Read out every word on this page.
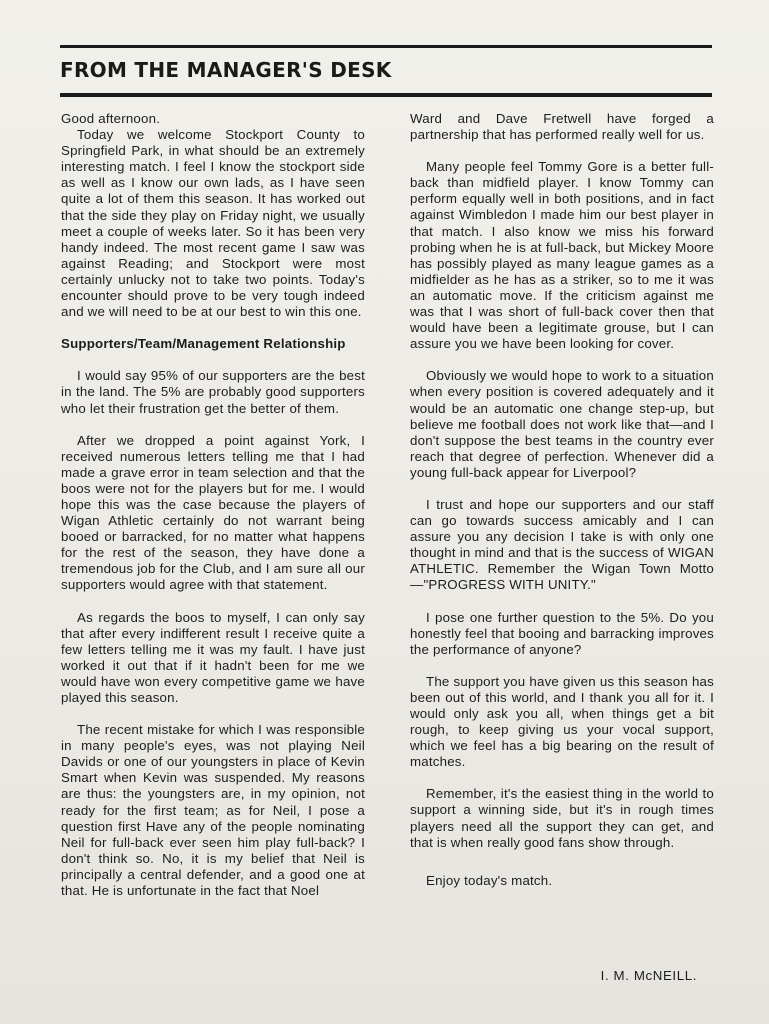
FROM THE MANAGER'S DESK

Good afternoon.

Today we welcome Stockport County to Springfield Park, in what should be an extremely interesting match. I feel I know the stockport side as well as I know our own lads, as I have seen quite a lot of them this season. It has worked out that the side they play on Friday night, we usually meet a couple of weeks later. So it has been very handy indeed. The most recent game I saw was against Reading; and Stockport were most certainly unlucky not to take two points. Today's encounter should prove to be very tough indeed and we will need to be at our best to win this one.

Supporters/Team/Management Relationship

I would say 95% of our supporters are the best in the land. The 5% are probably good supporters who let their frustration get the better of them.

After we dropped a point against York, I received numerous letters telling me that I had made a grave error in team selection and that the boos were not for the players but for me. I would hope this was the case because the players of Wigan Athletic certainly do not warrant being booed or barracked, for no matter what happens for the rest of the season, they have done a tremendous job for the Club, and I am sure all our supporters would agree with that statement.

As regards the boos to myself, I can only say that after every indifferent result I receive quite a few letters telling me it was my fault. I have just worked it out that if it hadn't been for me we would have won every competitive game we have played this season.

The recent mistake for which I was responsible in many people's eyes, was not playing Neil Davids or one of our youngsters in place of Kevin Smart when Kevin was suspended. My reasons are thus: the youngsters are, in my opinion, not ready for the first team; as for Neil, I pose a question first Have any of the people nominating Neil for full-back ever seen him play full-back? I don't think so. No, it is my belief that Neil is principally a central defender, and a good one at that. He is unfortunate in the fact that Noel

Ward and Dave Fretwell have forged a partnership that has performed really well for us.

Many people feel Tommy Gore is a better full-back than midfield player. I know Tommy can perform equally well in both positions, and in fact against Wimbledon I made him our best player in that match. I also know we miss his forward probing when he is at full-back, but Mickey Moore has possibly played as many league games as a midfielder as he has as a striker, so to me it was an automatic move. If the criticism against me was that I was short of full-back cover then that would have been a legitimate grouse, but I can assure you we have been looking for cover.

Obviously we would hope to work to a situation when every position is covered adequately and it would be an automatic one change step-up, but believe me football does not work like that—and I don't suppose the best teams in the country ever reach that degree of perfection. Whenever did a young full-back appear for Liverpool?

I trust and hope our supporters and our staff can go towards success amicably and I can assure you any decision I take is with only one thought in mind and that is the success of WIGAN ATHLETIC. Remember the Wigan Town Motto—"PROGRESS WITH UNITY."

I pose one further question to the 5%. Do you honestly feel that booing and barracking improves the performance of anyone?

The support you have given us this season has been out of this world, and I thank you all for it. I would only ask you all, when things get a bit rough, to keep giving us your vocal support, which we feel has a big bearing on the result of matches.

Remember, it's the easiest thing in the world to support a winning side, but it's in rough times players need all the support they can get, and that is when really good fans show through.

Enjoy today's match.

I. M. McNEILL.
